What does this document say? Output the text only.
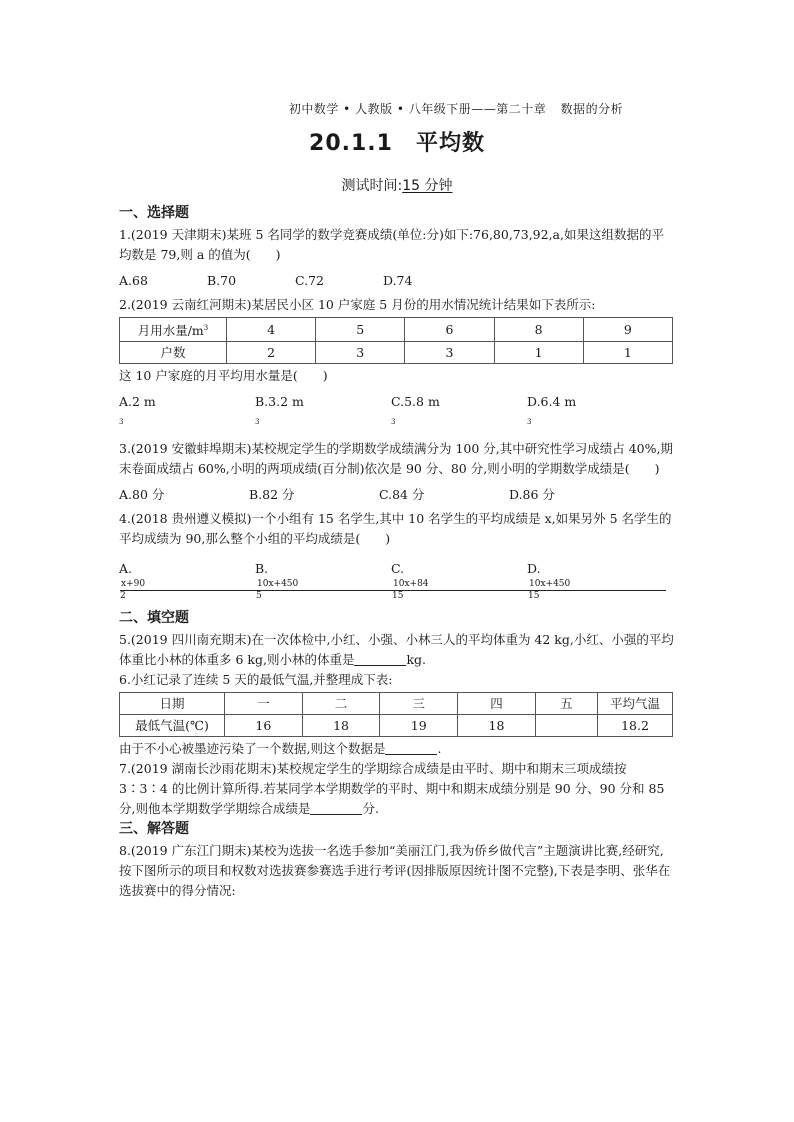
初中数学 • 人教版 • 八年级下册——第二十章 数据的分析
20.1.1　平均数
测试时间:15 分钟
一、选择题

1.(2019 天津期末)某班 5 名同学的数学竞赛成绩(单位:分)如下:76,80,73,92,a,如果这组数据的平均数是 79,则 a 的值为(　　)

A.68	B.70	C.72	D.74

2.(2019 云南红河期末)某居民小区 10 户家庭 5 月份的用水情况统计结果如下表所示:

月用水量$/m^3$	4	5	6	8	9
户数	2	3	3	1	1

这 10 户家庭的月平均用水量是(　　)

A.2 $m^3$
B.3.2 $m^3$
C.5.8 $m^3$
D.6.4 $m^3$

3.(2019 安徽蚌埠期末)某校规定学生的学期数学成绩满分为 100 分,其中研究性学习成绩占 40%,期末卷面成绩占 60%,小明的两项成绩(百分制)依次是 90 分、80 分,则小明的学期数学成绩是(　　)

A.80 分	B.82 分	C.84 分	D.86 分

4.(2018 贵州遵义模拟)一个小组有 15 名学生,其中 10 名学生的平均成绩是 x,如果另外 5 名学生的平均成绩为 90,那么整个小组的平均成绩是(　　)

$A.\frac{x+90}{2}$
$B.\frac{10x+450}{5}$
$C.\frac{10x+84}{15}$
$D.\frac{10x+450}{15}$
二、填空题

5.(2019 四川南充期末)在一次体检中,小红、小强、小林三人的平均体重为 42 kg,小红、小强的平均体重比小林的体重多 6 kg,则小林的体重是	kg.

6.小红记录了连续 5 天的最低气温,并整理成下表:

日期	一	二	三	四	五	平均气温
最低气温(℃)	16	18	19	18		18.2

由于不小心被墨迹污染了一个数据,则这个数据是	.

7.(2019 湖南长沙雨花期末)某校规定学生的学期综合成绩是由平时、期中和期末三项成绩按 3∶3∶4 的比例计算所得.若某同学本学期数学的平时、期中和期末成绩分别是 90 分、90 分和 85 分,则他本学期数学学期综合成绩是	分.

三、解答题

8.(2019 广东江门期末)某校为选拔一名选手参加“美丽江门,我为侨乡做代言”主题演讲比赛,经研究,按下图所示的项目和权数对选拔赛参赛选手进行考评(因排版原因统计图不完整),下表是李明、张华在选拔赛中的得分情况:
